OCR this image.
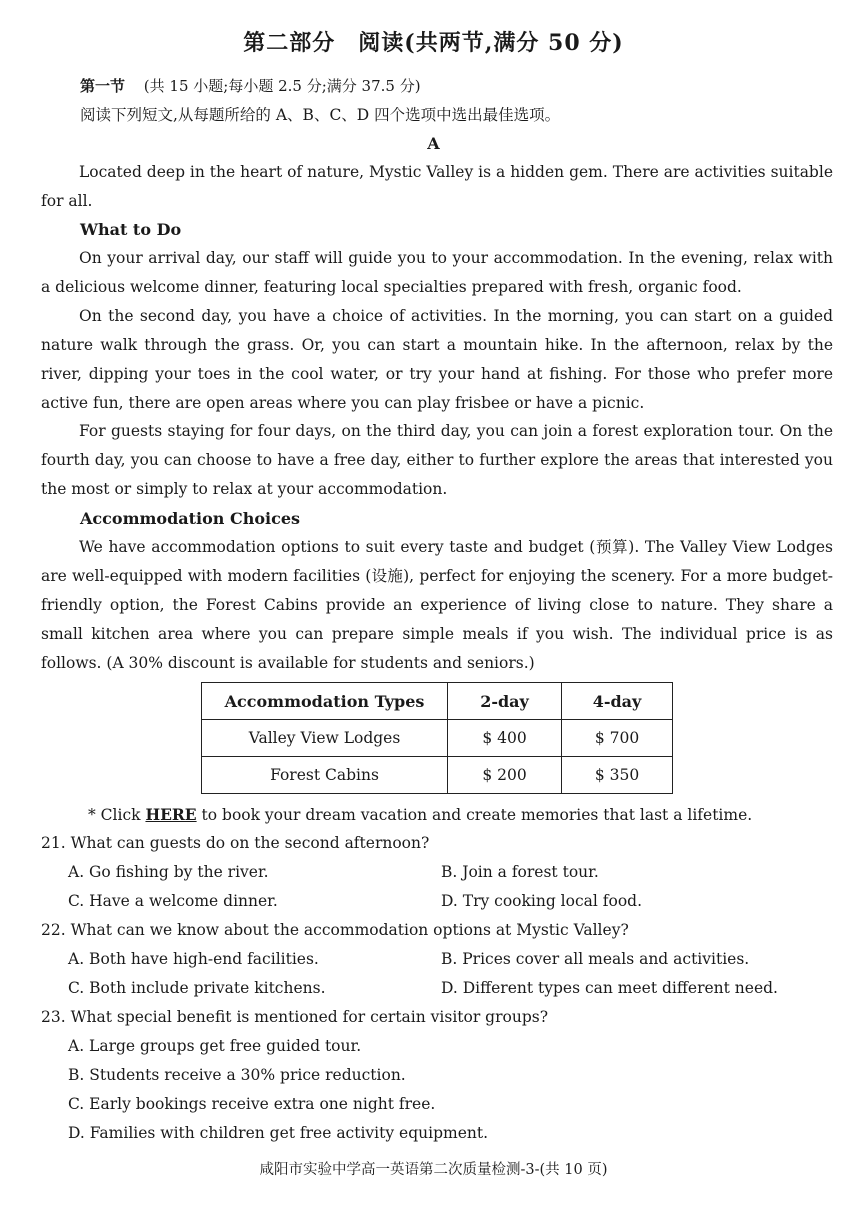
第二部分　阅读(共两节,满分 50 分)
第一节 (共 15 小题;每小题 2.5 分;满分 37.5 分)
阅读下列短文,从每题所给的 A、B、C、D 四个选项中选出最佳选项。
A
Located deep in the heart of nature, Mystic Valley is a hidden gem. There are activities suitable
for all.
What to Do

On your arrival day, our staff will guide you to your accommodation. In the evening, relax with a delicious welcome dinner, featuring local specialties prepared with fresh, organic food.

On the second day, you have a choice of activities. In the morning, you can start on a guided nature walk through the grass. Or, you can start a mountain hike. In the afternoon, relax by the river, dipping your toes in the cool water, or try your hand at fishing. For those who prefer more active fun, there are open areas where you can play frisbee or have a picnic.

For guests staying for four days, on the third day, you can join a forest exploration tour. On the fourth day, you can choose to have a free day, either to further explore the areas that interested you the most or simply to relax at your accommodation.

Accommodation Choices

We have accommodation options to suit every taste and budget (预算). The Valley View Lodges are well-equipped with modern facilities (设施), perfect for enjoying the scenery. For a more budget-friendly option, the Forest Cabins provide an experience of living close to nature. They share a small kitchen area where you can prepare simple meals if you wish. The individual price is as follows. (A 30% discount is available for students and seniors.)

Accommodation Types	2-day	4-day
Valley View Lodges	$ 400	$ 700
Forest Cabins	$ 200	$ 350
* Click HERE to book your dream vacation and create memories that last a lifetime.
21. What can guests do on the second afternoon?
A. Go fishing by the river.	B. Join a forest tour.
C. Have a welcome dinner.	D. Try cooking local food.
22. What can we know about the accommodation options at Mystic Valley?
A. Both have high-end facilities.	B. Prices cover all meals and activities.
C. Both include private kitchens.	D. Different types can meet different need.
23. What special benefit is mentioned for certain visitor groups?
A. Large groups get free guided tour.
B. Students receive a 30% price reduction.
C. Early bookings receive extra one night free.
D. Families with children get free activity equipment.
咸阳市实验中学高一英语第二次质量检测-3-(共 10 页)
